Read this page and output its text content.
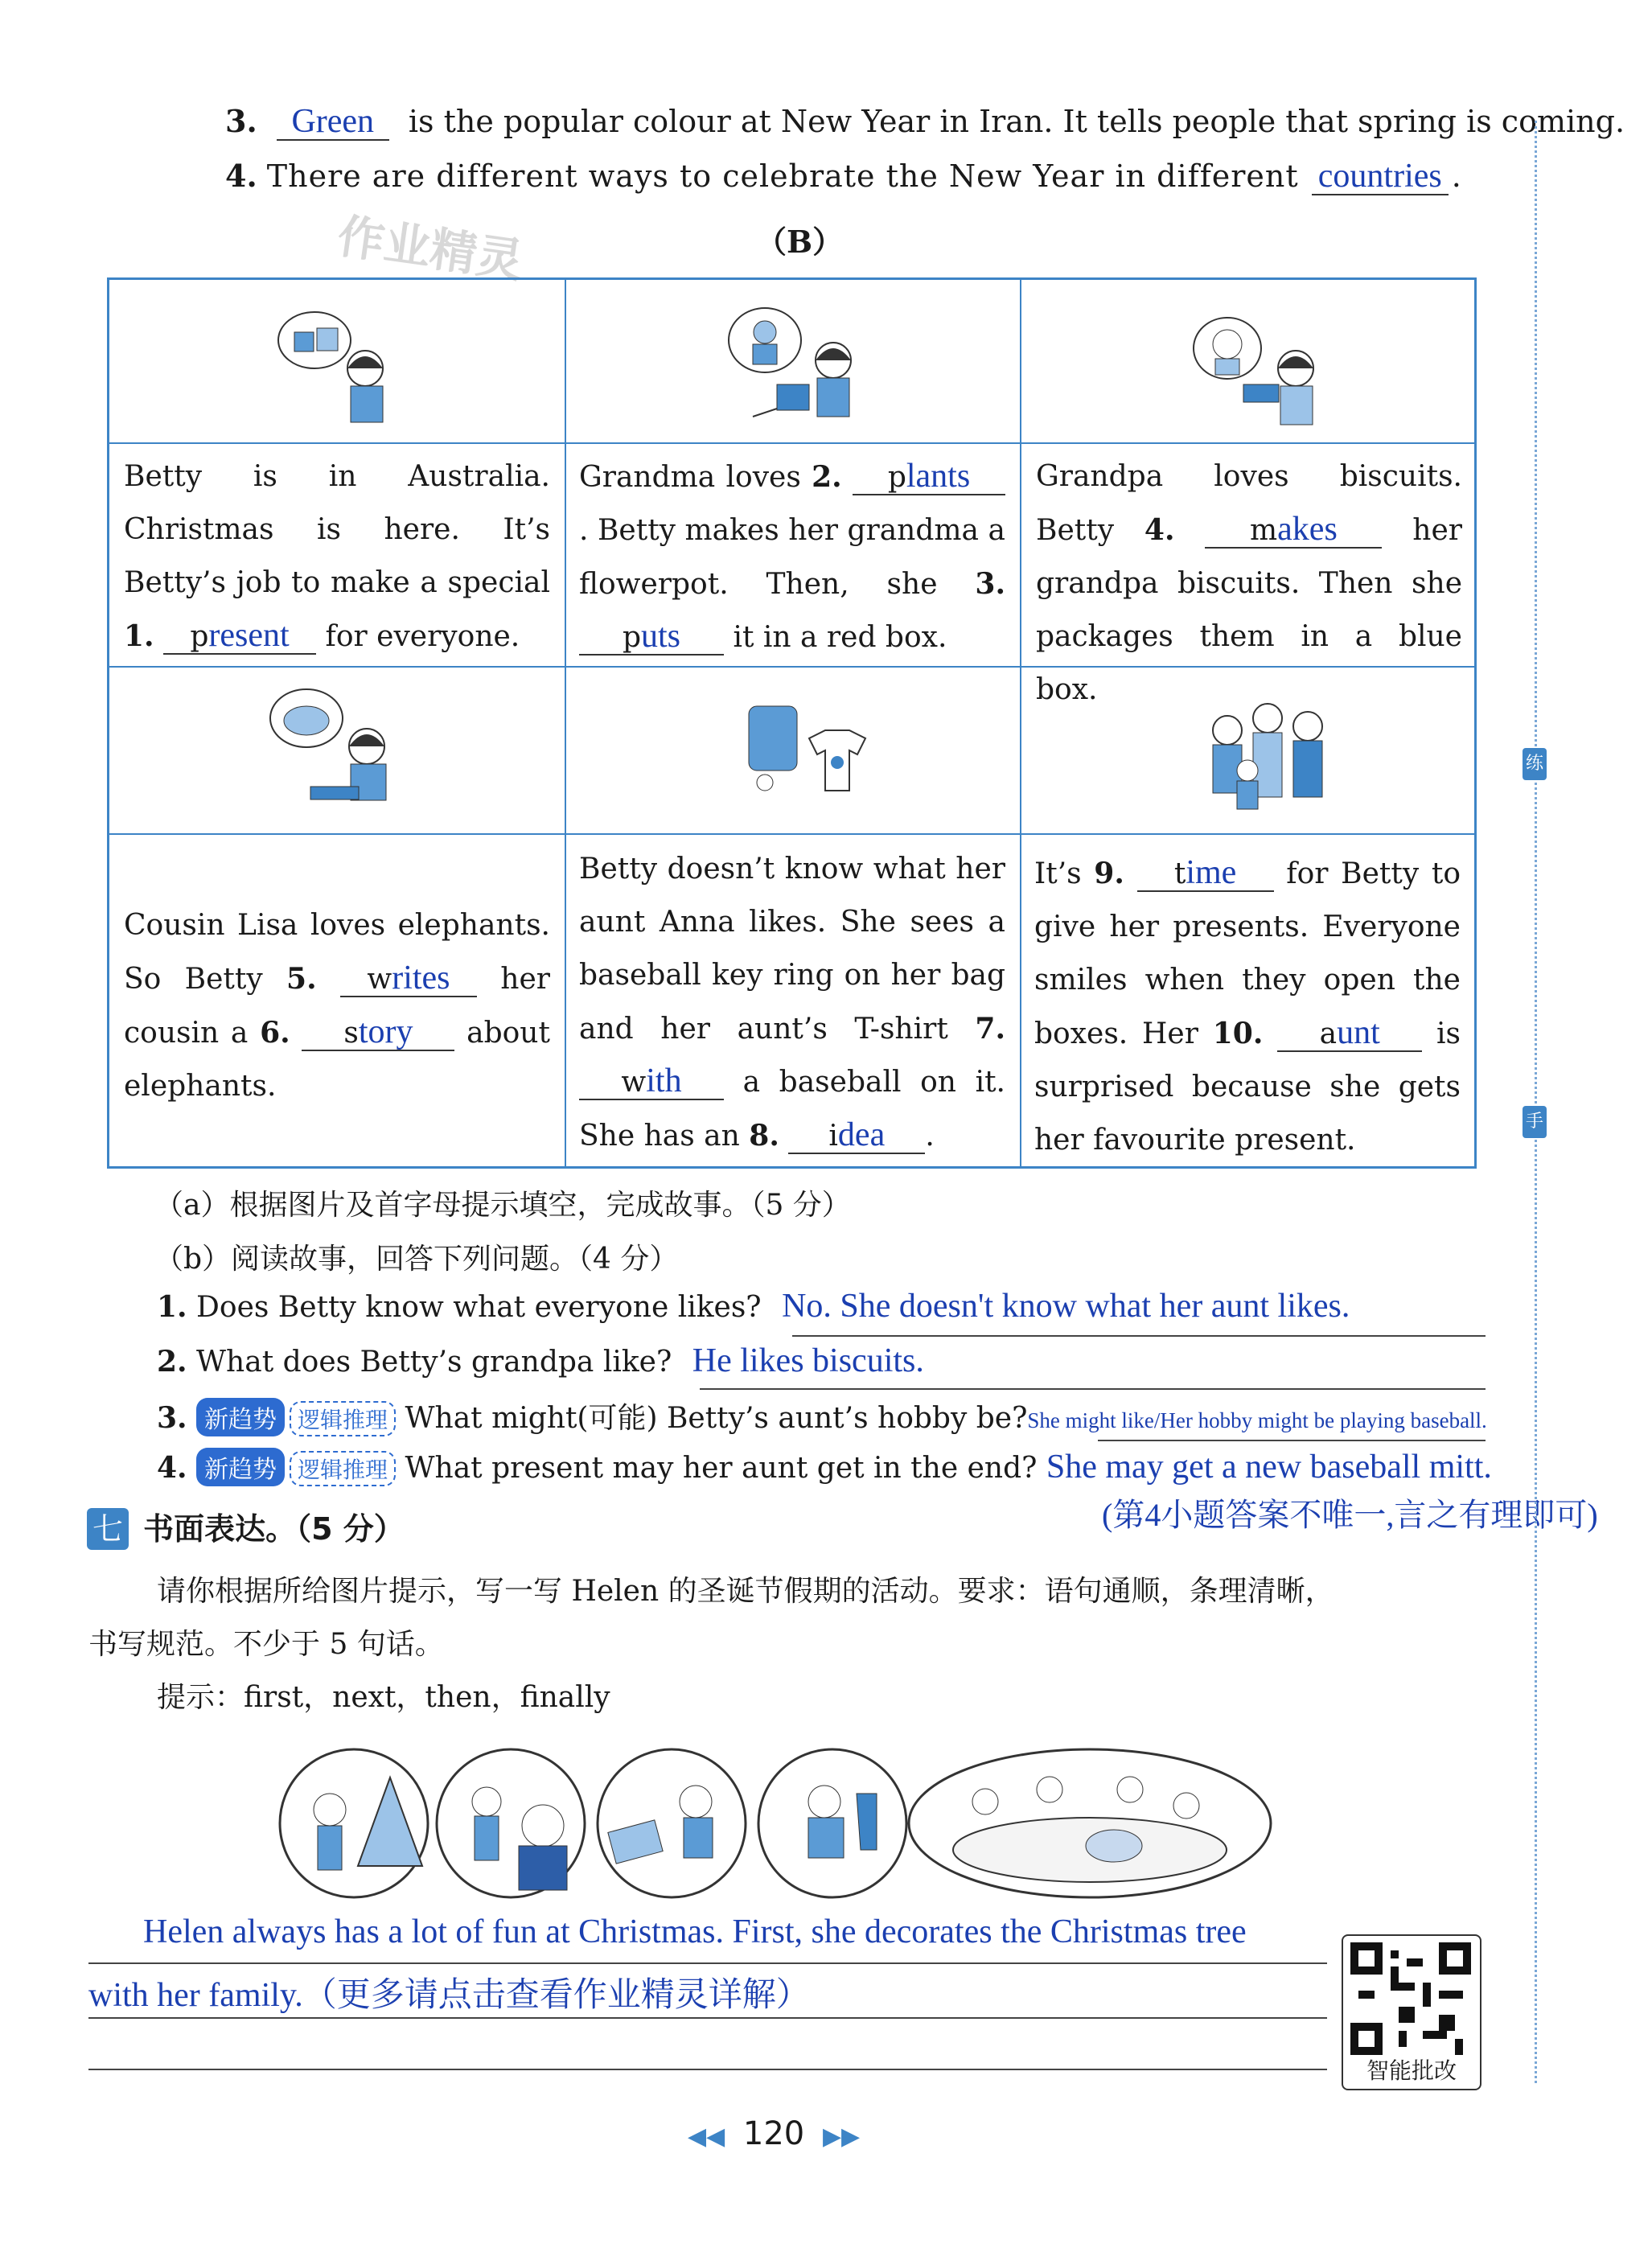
作业精灵
3. Green is the popular colour at New Year in Iran. It tells people that spring is coming.
4. There are different ways to celebrate the New Year in different countries .
（B）
Betty is in Australia. Christmas is here. It’s Betty’s job to make a special 1. present for everyone.
Grandma loves 2. plants. Betty makes her grandma a flowerpot. Then, she 3. puts it in a red box.
Grandpa loves biscuits. Betty 4.	makes	her grandpa biscuits. Then she packages them in a blue box.
Cousin Lisa loves elephants. So Betty 5. writes her cousin a 6. story about elephants.
Betty doesn’t know what her aunt Anna likes. She sees a baseball key ring on her bag and her aunt’s T-shirt 7. with a baseball on it. She has an 8. idea .
It’s 9. time for Betty to give her presents. Everyone smiles when they open the boxes. Her 10. aunt is surprised because she gets her favourite present.
（a）根据图片及首字母提示填空，完成故事。（5 分）
（b）阅读故事，回答下列问题。（4 分）
1. Does Betty know what everyone likes? No. She doesn't know what her aunt likes.
2. What does Betty’s grandpa like? He likes biscuits.
3. 新趋势 逻辑推理 What might(可能) Betty’s aunt’s hobby be?She might like/Her hobby might be playing baseball.
4. 新趋势 逻辑推理 What present may her aunt get in the end? She may get a new baseball mitt.
(第4小题答案不唯一,言之有理即可)
七 书面表达。（5 分）
请你根据所给图片提示，写一写 Helen 的圣诞节假期的活动。要求：语句通顺，条理清晰，
书写规范。不少于 5 句话。
提示：first，next，then，finally
Helen always has a lot of fun at Christmas. First, she decorates the Christmas tree
with her family.（更多请点击查看作业精灵详解）
智能批改
练
手
◀◀ 120 ▶▶
